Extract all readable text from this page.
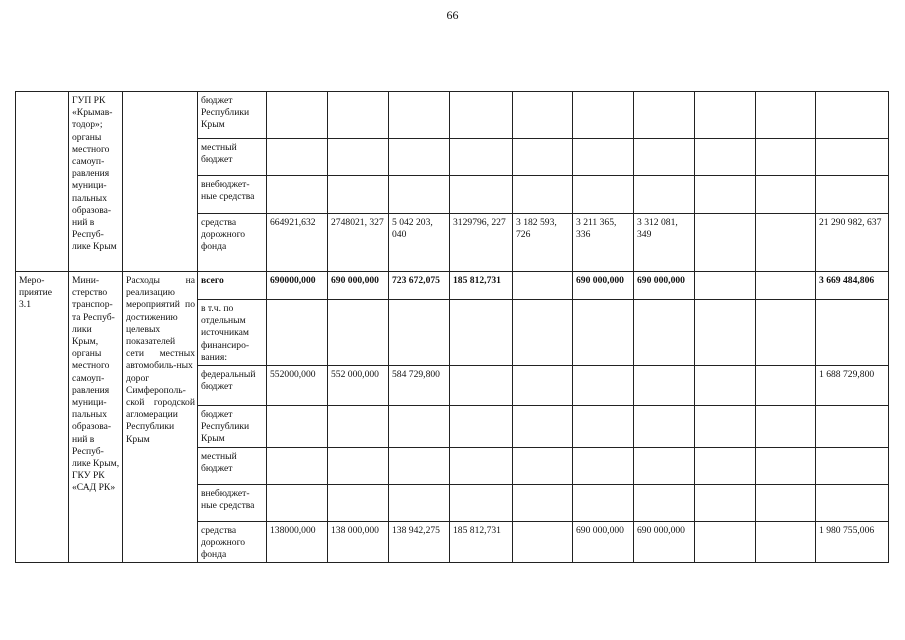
66
	ГУП РК «Крымав-тодор»; органы местного самоуп-равления муници-пальных образова-ний в Респуб-лике Крым		бюджет Республики Крым										
			местный бюджет										
			внебюджет-ные средства										
			средства дорожного фонда	664921,632	2748021, 327	5 042 203, 040	3129796, 227	3 182 593, 726	3 211 365, 336	3 312 081, 349			21 290 982, 637
Меро-приятие 3.1	Мини-стерство транспор-та Респуб-лики Крым, органы местного самоуп-равления муници-пальных образова-ний в Респуб-лике Крым, ГКУ РК «САД РК»	Расходы на реализацию мероприятий по достижению целевых показателей сети местных автомобиль-ных дорог Симферополь-ской городской агломерации Республики Крым	всего	690000,000	690 000,000	723 672,075	185 812,731		690 000,000	690 000,000			3 669 484,806
			в т.ч. по отдельным источникам финансиро-вания:										
			федеральный бюджет	552000,000	552 000,000	584 729,800							1 688 729,800
			бюджет Республики Крым										
			местный бюджет										
			внебюджет-ные средства										
			средства дорожного фонда	138000,000	138 000,000	138 942,275	185 812,731		690 000,000	690 000,000			1 980 755,006
